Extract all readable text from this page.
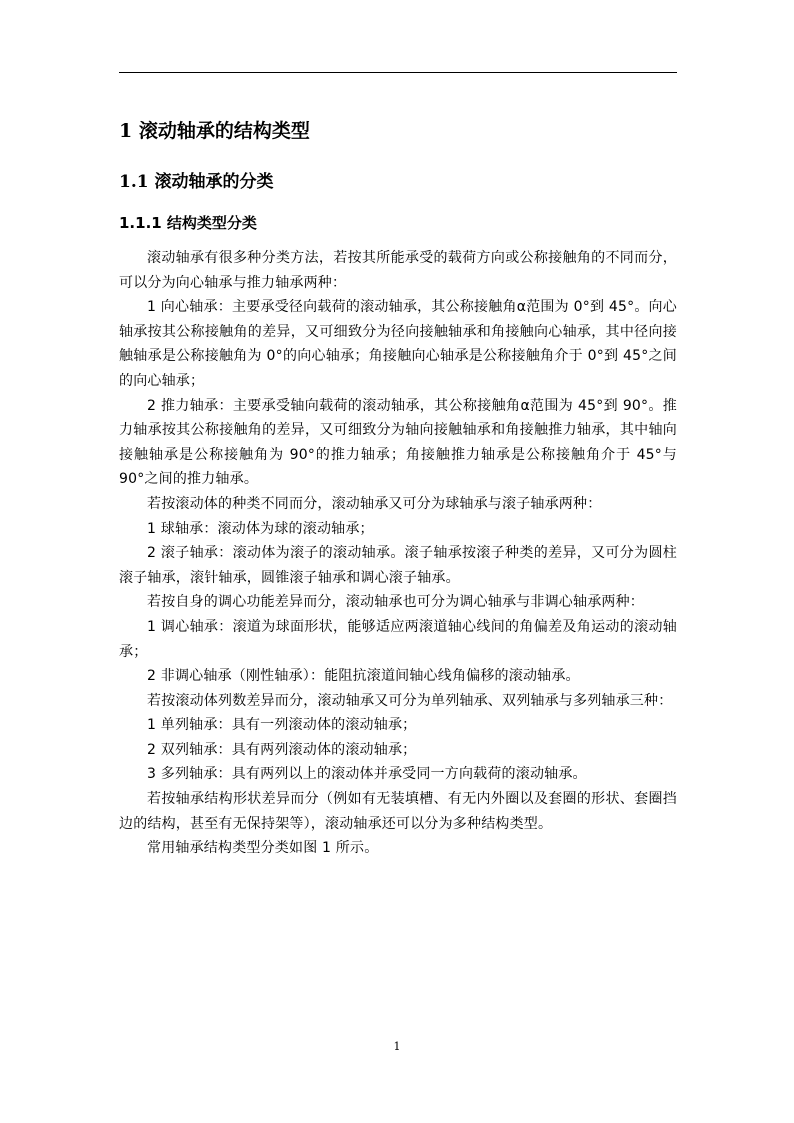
1 滚动轴承的结构类型
1.1 滚动轴承的分类
1.1.1 结构类型分类

滚动轴承有很多种分类方法，若按其所能承受的载荷方向或公称接触角的不同而分，可以分为向心轴承与推力轴承两种：

1 向心轴承：主要承受径向载荷的滚动轴承，其公称接触角α范围为 0°到 45°。向心轴承按其公称接触角的差异，又可细致分为径向接触轴承和角接触向心轴承，其中径向接触轴承是公称接触角为 0°的向心轴承；角接触向心轴承是公称接触角介于 0°到 45°之间的向心轴承；

2 推力轴承：主要承受轴向载荷的滚动轴承，其公称接触角α范围为 45°到 90°。推力轴承按其公称接触角的差异，又可细致分为轴向接触轴承和角接触推力轴承，其中轴向接触轴承是公称接触角为 90°的推力轴承；角接触推力轴承是公称接触角介于 45°与 90°之间的推力轴承。

若按滚动体的种类不同而分，滚动轴承又可分为球轴承与滚子轴承两种：

1 球轴承：滚动体为球的滚动轴承；

2 滚子轴承：滚动体为滚子的滚动轴承。滚子轴承按滚子种类的差异，又可分为圆柱滚子轴承，滚针轴承，圆锥滚子轴承和调心滚子轴承。

若按自身的调心功能差异而分，滚动轴承也可分为调心轴承与非调心轴承两种：

1 调心轴承：滚道为球面形状，能够适应两滚道轴心线间的角偏差及角运动的滚动轴承；

2 非调心轴承（刚性轴承）：能阻抗滚道间轴心线角偏移的滚动轴承。

若按滚动体列数差异而分，滚动轴承又可分为单列轴承、双列轴承与多列轴承三种：

1 单列轴承：具有一列滚动体的滚动轴承；

2 双列轴承：具有两列滚动体的滚动轴承；

3 多列轴承：具有两列以上的滚动体并承受同一方向载荷的滚动轴承。

若按轴承结构形状差异而分（例如有无装填槽、有无内外圈以及套圈的形状、套圈挡边的结构，甚至有无保持架等），滚动轴承还可以分为多种结构类型。

常用轴承结构类型分类如图 1 所示。

1
